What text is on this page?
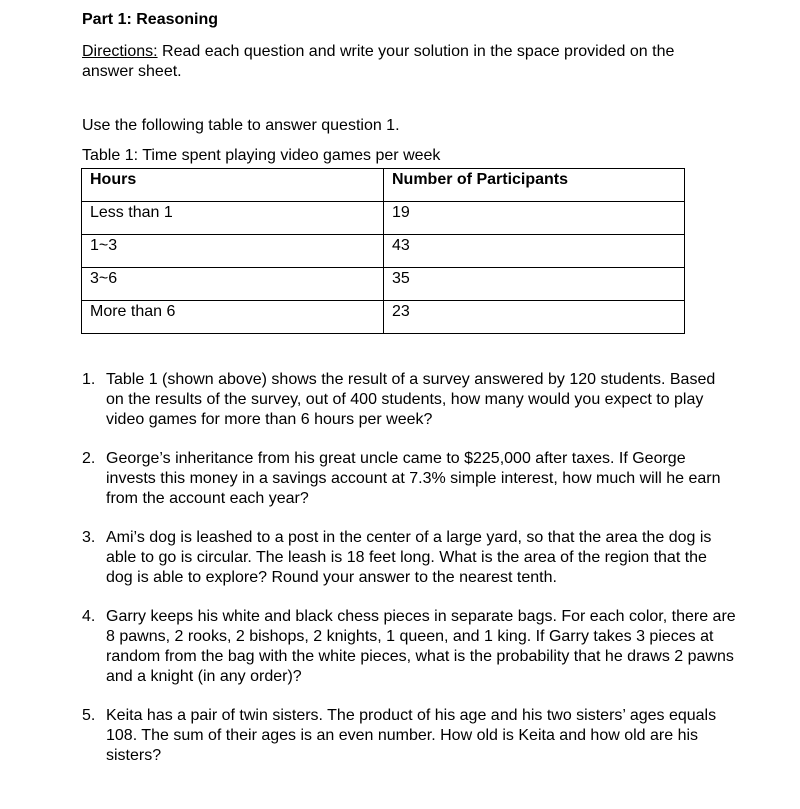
Part 1: Reasoning

Directions: Read each question and write your solution in the space provided on the answer sheet.
Use the following table to answer question 1.
Table 1: Time spent playing video games per week
Hours	Number of Participants
Less than 1	19
1~3	43
3~6	35
More than 6	23
1. Table 1 (shown above) shows the result of a survey answered by 120 students. Based on the results of the survey, out of 400 students, how many would you expect to play video games for more than 6 hours per week?
2. George’s inheritance from his great uncle came to $225,000 after taxes. If George invests this money in a savings account at 7.3% simple interest, how much will he earn from the account each year?
3. Ami’s dog is leashed to a post in the center of a large yard, so that the area the dog is able to go is circular. The leash is 18 feet long. What is the area of the region that the dog is able to explore? Round your answer to the nearest tenth.
4. Garry keeps his white and black chess pieces in separate bags. For each color, there are 8 pawns, 2 rooks, 2 bishops, 2 knights, 1 queen, and 1 king. If Garry takes 3 pieces at random from the bag with the white pieces, what is the probability that he draws 2 pawns and a knight (in any order)?
5. Keita has a pair of twin sisters. The product of his age and his two sisters’ ages equals 108. The sum of their ages is an even number. How old is Keita and how old are his sisters?
